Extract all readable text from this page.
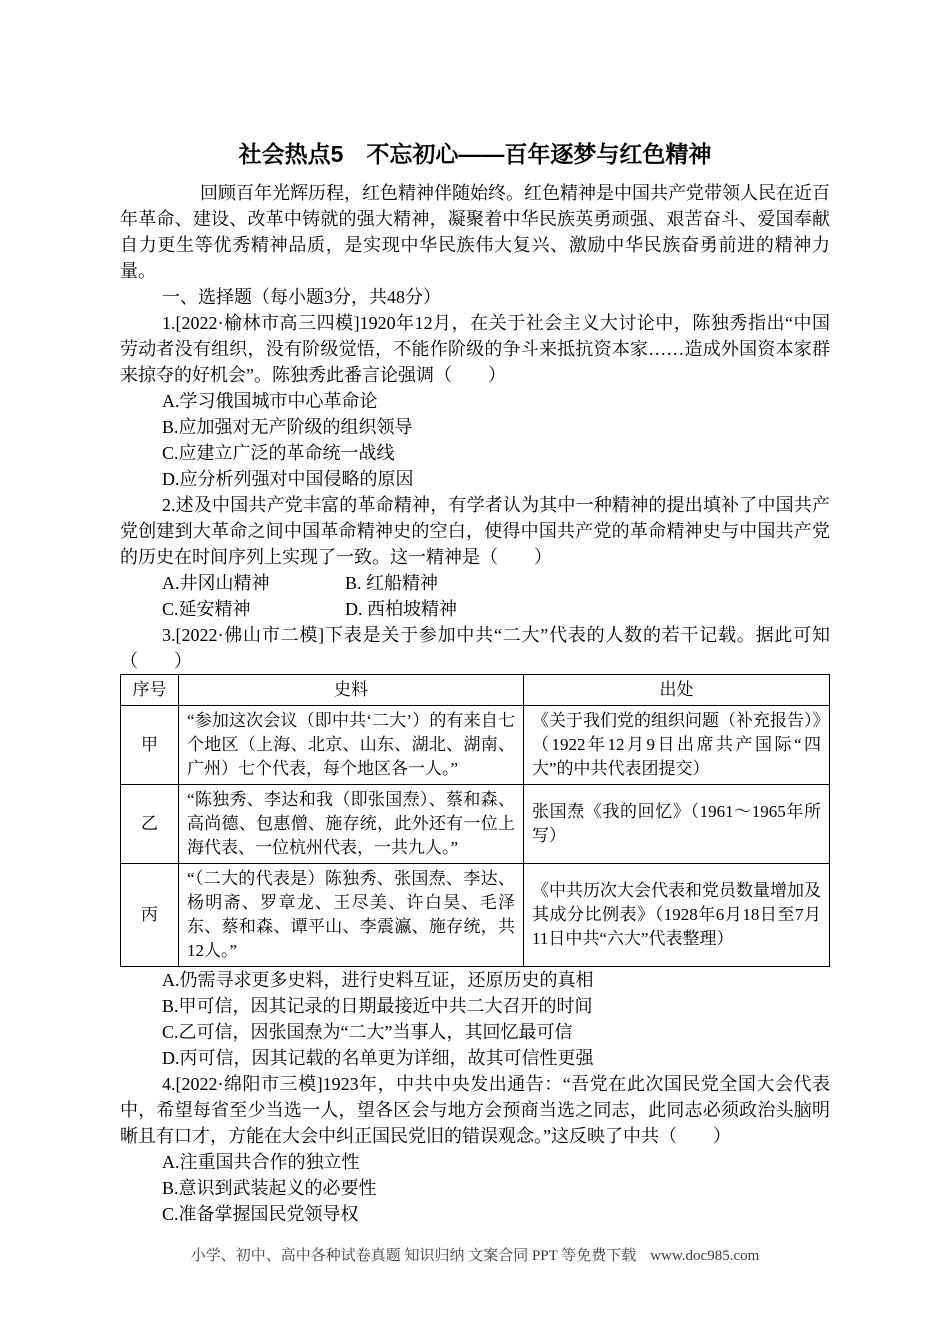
社会热点5　不忘初心——百年逐梦与红色精神

回顾百年光辉历程，红色精神伴随始终。红色精神是中国共产党带领人民在近百年革命、建设、改革中铸就的强大精神，凝聚着中华民族英勇顽强、艰苦奋斗、爱国奉献自力更生等优秀精神品质，是实现中华民族伟大复兴、激励中华民族奋勇前进的精神力量。

一、选择题（每小题3分，共48分）

1.[2022·榆林市高三四模]1920年12月，在关于社会主义大讨论中，陈独秀指出“中国劳动者没有组织，没有阶级觉悟，不能作阶级的争斗来抵抗资本家……造成外国资本家群来掠夺的好机会”。陈独秀此番言论强调（　　）

A.学习俄国城市中心革命论

B.应加强对无产阶级的组织领导

C.应建立广泛的革命统一战线

D.应分析列强对中国侵略的原因

2.述及中国共产党丰富的革命精神，有学者认为其中一种精神的提出填补了中国共产党创建到大革命之间中国革命精神史的空白，使得中国共产党的革命精神史与中国共产党的历史在时间序列上实现了一致。这一精神是（　　）

A.井冈山精神	B. 红船精神

C.延安精神	D. 西柏坡精神

3.[2022·佛山市二模]下表是关于参加中共“二大”代表的人数的若干记载。据此可知（　　）

序号	史料	出处
甲	“参加这次会议（即中共‘二大’）的有来自七个地区（上海、北京、山东、湖北、湖南、广州）七个代表，每个地区各一人。”	《关于我们党的组织问题（补充报告）》（1922年12月9日出席共产国际“四大”的中共代表团提交）
乙	“陈独秀、李达和我（即张国焘）、蔡和森、高尚德、包惠僧、施存统，此外还有一位上海代表、一位杭州代表，一共九人。”	张国焘《我的回忆》（1961～1965年所写）
丙	“（二大的代表是）陈独秀、张国焘、李达、杨明斋、罗章龙、王尽美、许白昊、毛泽东、蔡和森、谭平山、李震瀛、施存统，共12人。”	《中共历次大会代表和党员数量增加及其成分比例表》（1928年6月18日至7月11日中共“六大”代表整理）

A.仍需寻求更多史料，进行史料互证，还原历史的真相

B.甲可信，因其记录的日期最接近中共二大召开的时间

C.乙可信，因张国焘为“二大”当事人，其回忆最可信

D.丙可信，因其记载的名单更为详细，故其可信性更强

4.[2022·绵阳市三模]1923年，中共中央发出通告：“吾党在此次国民党全国大会代表中，希望每省至少当选一人，望各区会与地方会预商当选之同志，此同志必须政治头脑明晰且有口才，方能在大会中纠正国民党旧的错误观念。”这反映了中共（　　）

A.注重国共合作的独立性

B.意识到武装起义的必要性

C.准备掌握国民党领导权

小学、初中、高中各种试卷真题 知识归纳 文案合同 PPT 等免费下载 www.doc985.com
